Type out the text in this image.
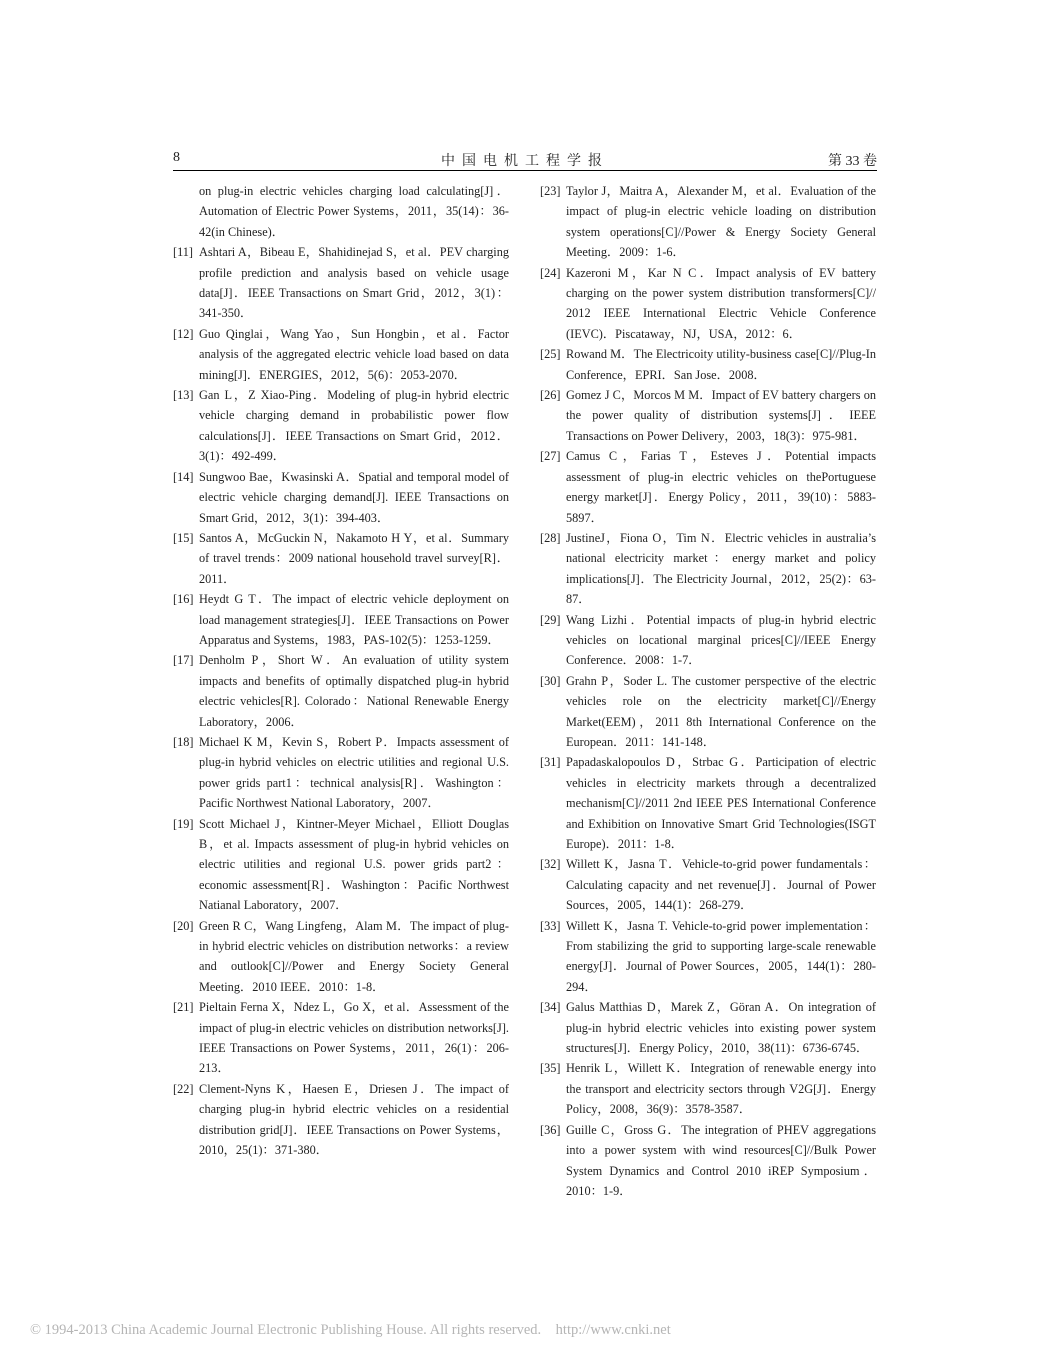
8	中国电机工程学报	第 33 卷

on plug-in electric vehicles charging load calculating[J]．Automation of Electric Power Systems，2011，35(14)：36-42(in Chinese)．

[11] Ashtari A，Bibeau E，Shahidinejad S，et al．PEV charging profile prediction and analysis based on vehicle usage data[J]．IEEE Transactions on Smart Grid，2012，3(1)：341-350．

[12] Guo Qinglai，Wang Yao，Sun Hongbin，et al．Factor analysis of the aggregated electric vehicle load based on data mining[J]．ENERGIES，2012，5(6)：2053-2070．

[13] Gan L，Z Xiao-Ping．Modeling of plug-in hybrid electric vehicle charging demand in probabilistic power flow calculations[J]．IEEE Transactions on Smart Grid，2012．3(1)：492-499．

[14] Sungwoo Bae，Kwasinski A．Spatial and temporal model of electric vehicle charging demand[J]. IEEE Transactions on Smart Grid，2012，3(1)：394-403．

[15] Santos A，McGuckin N，Nakamoto H Y，et al．Summary of travel trends：2009 national household travel survey[R]．2011．

[16] Heydt G T．The impact of electric vehicle deployment on load management strategies[J]．IEEE Transactions on Power Apparatus and Systems，1983，PAS-102(5)：1253-1259．

[17] Denholm P，Short W．An evaluation of utility system impacts and benefits of optimally dispatched plug-in hybrid electric vehicles[R]. Colorado：National Renewable Energy Laboratory，2006．

[18] Michael K M，Kevin S，Robert P．Impacts assessment of plug-in hybrid vehicles on electric utilities and regional U.S. power grids part1：technical analysis[R]．Washington：Pacific Northwest National Laboratory，2007．

[19] Scott Michael J，Kintner-Meyer Michael，Elliott Douglas B，et al. Impacts assessment of plug-in hybrid vehicles on electric utilities and regional U.S. power grids part2：economic assessment[R]．Washington：Pacific Northwest Natianal Laboratory，2007．

[20] Green R C，Wang Lingfeng，Alam M．The impact of plug-in hybrid electric vehicles on distribution networks：a review and outlook[C]//Power and Energy Society General Meeting．2010 IEEE．2010：1-8．

[21] Pieltain Ferna X，Ndez L，Go X，et al．Assessment of the impact of plug-in electric vehicles on distribution networks[J]. IEEE Transactions on Power Systems，2011，26(1)：206-213．

[22] Clement-Nyns K，Haesen E，Driesen J．The impact of charging plug-in hybrid electric vehicles on a residential distribution grid[J]．IEEE Transactions on Power Systems，2010，25(1)：371-380．

[23] Taylor J，Maitra A，Alexander M，et al．Evaluation of the impact of plug-in electric vehicle loading on distribution system operations[C]//Power & Energy Society General Meeting．2009：1-6．

[24] Kazeroni M，Kar N C．Impact analysis of EV battery charging on the power system distribution transformers[C]// 2012 IEEE International Electric Vehicle Conference (IEVC)．Piscataway，NJ，USA，2012：6．

[25] Rowand M．The Electricoity utility-business case[C]//Plug-In Conference，EPRI．San Jose．2008．

[26] Gomez J C，Morcos M M．Impact of EV battery chargers on the power quality of distribution systems[J]．IEEE Transactions on Power Delivery，2003，18(3)：975-981．

[27] Camus C，Farias T，Esteves J．Potential impacts assessment of plug-in electric vehicles on thePortuguese energy market[J]．Energy Policy，2011，39(10)：5883-5897．

[28] JustineJ，Fiona O，Tim N．Electric vehicles in australia’s national electricity market：energy market and policy implications[J]．The Electricity Journal，2012，25(2)：63-87．

[29] Wang Lizhi．Potential impacts of plug-in hybrid electric vehicles on locational marginal prices[C]//IEEE Energy Conference．2008：1-7．

[30] Grahn P，Soder L. The customer perspective of the electric vehicles role on the electricity market[C]//Energy Market(EEM)，2011 8th International Conference on the European．2011：141-148．

[31] Papadaskalopoulos D，Strbac G．Participation of electric vehicles in electricity markets through a decentralized mechanism[C]//2011 2nd IEEE PES International Conference and Exhibition on Innovative Smart Grid Technologies(ISGT Europe)．2011：1-8．

[32] Willett K，Jasna T．Vehicle-to-grid power fundamentals：Calculating capacity and net revenue[J]．Journal of Power Sources，2005，144(1)：268-279．

[33] Willett K，Jasna T. Vehicle-to-grid power implementation：From stabilizing the grid to supporting large-scale renewable energy[J]．Journal of Power Sources，2005，144(1)：280-294．

[34] Galus Matthias D，Marek Z，Göran A．On integration of plug-in hybrid electric vehicles into existing power system structures[J]．Energy Policy，2010，38(11)：6736-6745．

[35] Henrik L，Willett K．Integration of renewable energy into the transport and electricity sectors through V2G[J]．Energy Policy，2008，36(9)：3578-3587．

[36] Guille C，Gross G．The integration of PHEV aggregations into a power system with wind resources[C]//Bulk Power System Dynamics and Control 2010 iREP Symposium．2010：1-9．

© 1994-2013 China Academic Journal Electronic Publishing House. All rights reserved.    http://www.cnki.net
